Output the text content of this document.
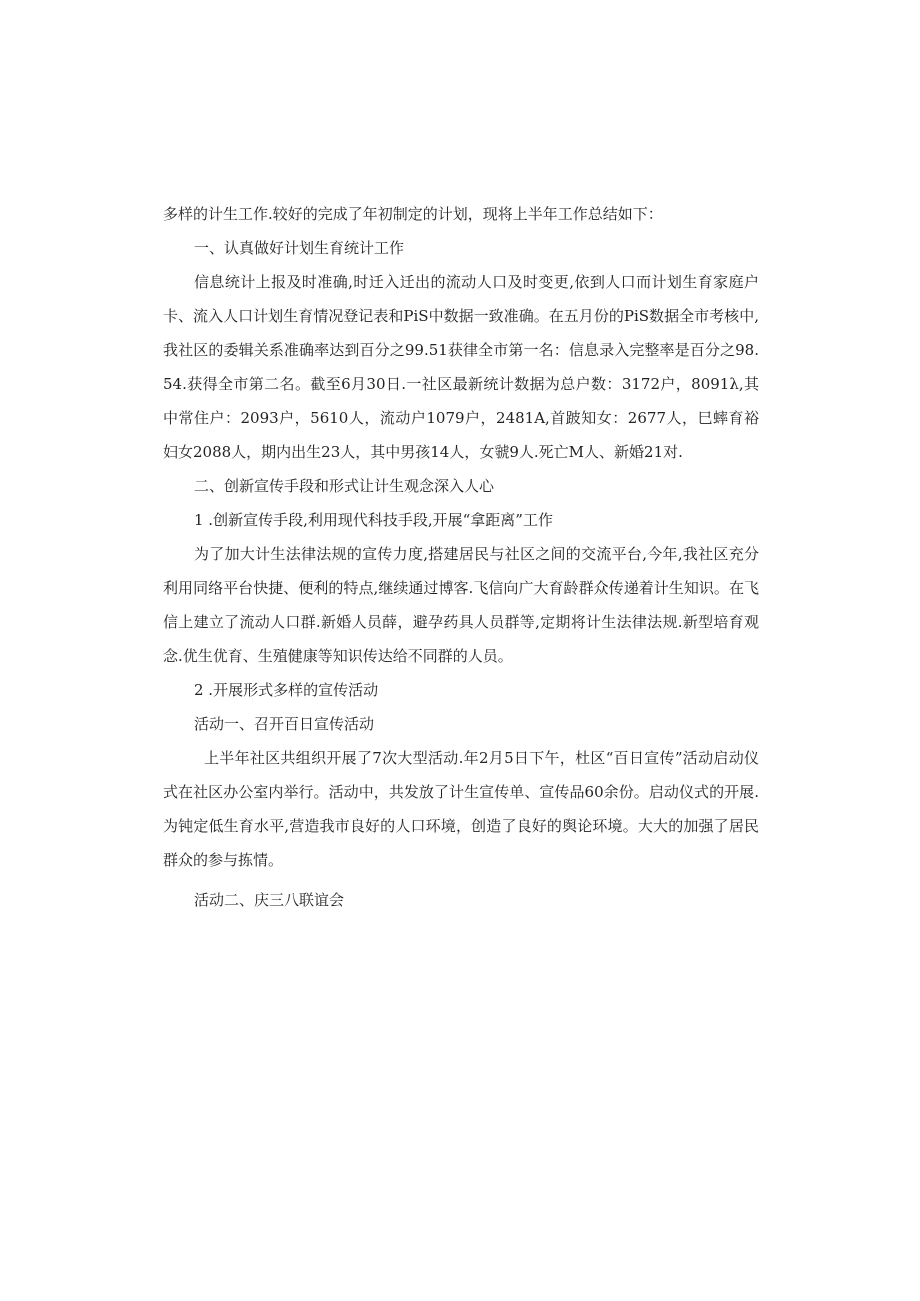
多样的计生工作.较好的完成了年初制定的计划，现将上半年工作总结如下：

一、认真做好计划生育统计工作

信息统计上报及时准确,时迁入迁出的流动人口及时变更,依到人口而计划生育家庭户卡、流入人口计划生育情况登记表和PiS中数据一致准确。在五月份的PiS数据全市考核中,我社区的委辑关系准确率达到百分之99.51获律全市第一名：信息录入完整率是百分之98.54.获得全市第二名。截至6月30日.一社区最新统计数据为总户数：3172户，8091λ,其中常住户：2093户，5610人，流动户1079户，2481A,首跛知女：2677人，巳蟀育裕妇女2088人，期内出生23人，其中男孩14人，女虢9人.死亡M人、新婚21对.

二、创新宣传手段和形式让计生观念深入人心

1 .创新宣传手段,利用现代科技手段,开展“拿距离”工作

为了加大计生法律法规的宣传力度,搭建居民与社区之间的交流平台,今年,我社区充分利用同络平台快捷、便利的特点,继续通过博客.飞信向广大育龄群众传递着计生知识。在飞信上建立了流动人口群.新婚人员薛，避孕药具人员群等,定期将计生法律法规.新型培育观念.优生优育、生殖健康等知识传达给不同群的人员。

2 .开展形式多样的宣传活动

活动一、召开百日宣传活动

上半年社区共组织开展了7次大型活动.年2月5日下午，杜区“百日宣传”活动启动仪式在社区办公室内举行。活动中，共发放了计生宣传单、宣传品60余份。启动仪式的开展.为钝定低生育水平,营造我市良好的人口环境，创造了良好的舆论环境。大大的加强了居民群众的参与拣情。

活动二、庆三八联谊会
